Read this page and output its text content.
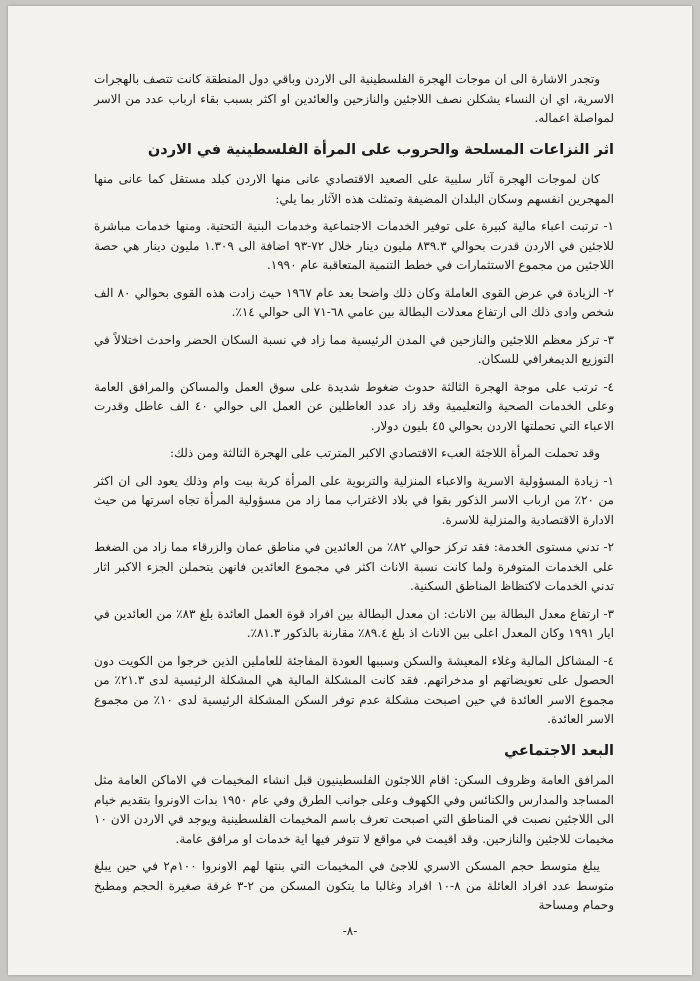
وتجدر الاشارة الى ان موجات الهجرة الفلسطينية الى الاردن وباقي دول المنطقة كانت تتصف بالهجرات الاسرية، اي ان النساء يشكلن نصف اللاجئين والنازحين والعائدين او اكثر بسبب بقاء ارباب عدد من الاسر لمواصلة اعماله.

اثر النزاعات المسلحة والحروب على المرأة الفلسطينية في الاردن

كان لموجات الهجرة آثار سلبية على الصعيد الاقتصادي عانى منها الاردن كبلد مستقل كما عانى منها المهجرين انفسهم وسكان البلدان المضيفة وتمثلت هذه الآثار بما يلي:

١- ترتبت اعباء مالية كبيرة على توفير الخدمات الاجتماعية وخدمات البنية التحتية. ومنها خدمات مباشرة للاجئين في الاردن قدرت بحوالي ٨٣٩.٣ مليون دينار خلال ٧٢-٩٣ اضافة الى ١.٣٠٩ مليون دينار هي حصة اللاجئين من مجموع الاستثمارات في خطط التنمية المتعاقبة عام ١٩٩٠.

٢- الزيادة في عرض القوى العاملة وكان ذلك واضحا بعد عام ١٩٦٧ حيث زادت هذه القوى بحوالي ٨٠ الف شخص وادى ذلك الى ارتفاع معدلات البطالة بين عامي ٦٨-٧١ الى حوالي ١٤٪.

٣- تركز معظم اللاجئين والنازحين في المدن الرئيسية مما زاد في نسبة السكان الحضر واحدث اختلالاً في التوزيع الديمغرافي للسكان.

٤- ترتب على موجة الهجرة الثالثة حدوث ضغوط شديدة على سوق العمل والمساكن والمرافق العامة وعلى الخدمات الصحية والتعليمية وقد زاد عدد العاطلين عن العمل الى حوالي ٤٠ الف عاطل وقدرت الاعباء التي تحملتها الاردن بحوالي ٤٥ بليون دولار.

وقد تحملت المرأة اللاجئة العبء الاقتصادي الاكبر المترتب على الهجرة الثالثة ومن ذلك:

١- زيادة المسؤولية الاسرية والاعباء المنزلية والتربوية على المرأة كربة بيت وام وذلك يعود الى ان اكثر من ٢٠٪ من ارباب الاسر الذكور بقوا في بلاد الاغتراب مما زاد من مسؤولية المرأة تجاه اسرتها من حيث الادارة الاقتصادية والمنزلية للاسرة.

٢- تدني مستوى الخدمة: فقد تركز حوالي ٨٢٪ من العائدين في مناطق عمان والزرقاء مما زاد من الضغط على الخدمات المتوفرة ولما كانت نسبة الاناث اكثر في مجموع العائدين فانهن يتحملن الجزء الاكبر اثار تدني الخدمات لاكتظاظ المناطق السكنية.

٣- ارتفاع معدل البطالة بين الاناث: ان معدل البطالة بين افراد قوة العمل العائدة بلغ ٨٣٪ من العائدين في ايار ١٩٩١ وكان المعدل اعلى بين الاناث اذ بلغ ٨٩.٤٪ مقارنة بالذكور ٨١.٣٪.

٤- المشاكل المالية وغلاء المعيشة والسكن وسببها العودة المفاجئة للعاملين الذين خرجوا من الكويت دون الحصول على تعويضاتهم او مدخراتهم. فقد كانت المشكلة المالية هي المشكلة الرئيسية لدى ٢١.٣٪ من مجموع الاسر العائدة في حين اصبحت مشكلة عدم توفر السكن المشكلة الرئيسية لدى ١٠٪ من مجموع الاسر العائدة.

البعد الاجتماعي

المرافق العامة وظروف السكن: اقام اللاجئون الفلسطينيون قبل انشاء المخيمات في الاماكن العامة مثل المساجد والمدارس والكنائس وفي الكهوف وعلى جوانب الطرق وفي عام ١٩٥٠ بدات الاونروا بتقديم خيام الى اللاجئين نصبت في المناطق التي اصبحت تعرف باسم المخيمات الفلسطينية ويوجد في الاردن الان ١٠ مخيمات للاجئين والنازحين. وقد اقيمت في مواقع لا تتوفر فيها اية خدمات او مرافق عامة.

يبلغ متوسط حجم المسكن الاسري للاجئ في المخيمات التي بنتها لهم الاونروا ١٠٠م٢ في حين يبلغ متوسط عدد افراد العائلة من ٨-١٠ افراد وغالبا ما يتكون المسكن من ٢-٣ غرفة صغيرة الحجم ومطبخ وحمام ومساحة

-٨-
